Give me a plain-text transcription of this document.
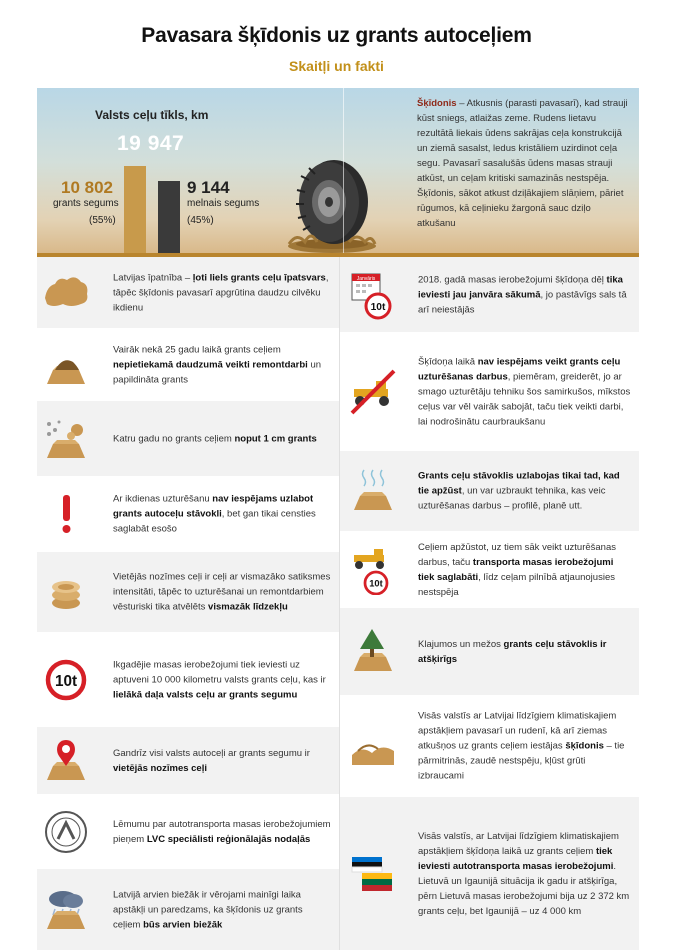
Pavasara šķīdonis uz grants autoceļiem
Skaitļi un fakti
Valsts ceļu tīkls, km
19 947
10 802
grants segums
(55%)
9 144
melnais segums
(45%)
Šķīdonis – Atkusnis (parasti pavasarī), kad strauji kūst sniegs, atlaižas zeme. Rudens lietavu rezultātā liekais ūdens sakrājas ceļa konstrukcijā un ziemā sasalst, ledus kristāliem uzirdinot ceļa segu. Pavasarī sasalušās ūdens masas strauji atkūst, un ceļam kritiski samazinās nestspēja. Šķīdonis, sākot atkust dziļākajiem slāņiem, pāriet rūgumos, kā ceļinieku žargonā sauc dziļo atkušanu
Latvijas īpatnība – ļoti liels grants ceļu īpatsvars, tāpēc šķīdonis pavasarī apgrūtina daudzu cilvēku ikdienu
Vairāk nekā 25 gadu laikā grants ceļiem nepietiekamā daudzumā veikti remontdarbi un papildināta grants
Katru gadu no grants ceļiem noput 1 cm grants
Ar ikdienas uzturēšanu nav iespējams uzlabot grants autoceļu stāvokli, bet gan tikai censties saglabāt esošo
Vietējās nozīmes ceļi ir ceļi ar vismazāko satiksmes intensitāti, tāpēc to uzturēšanai un remontdarbiem vēsturiski tika atvēlēts vismazāk līdzekļu
10t
Ikgadējie masas ierobežojumi tiek ieviesti uz aptuveni 10 000 kilometru valsts grants ceļu, kas ir lielākā daļa valsts ceļu ar grants segumu
Gandrīz visi valsts autoceļi ar grants segumu ir vietējās nozīmes ceļi
Lēmumu par autotransporta masas ierobežojumiem pieņem LVC speciālisti reģionālajās nodaļās
Latvijā arvien biežāk ir vērojami mainīgi laika apstākļi un paredzams, ka šķīdonis uz grants ceļiem būs arvien biežāk
Janvāris
10t
2018. gadā masas ierobežojumi šķīdoņa dēļ tika ieviesti jau janvāra sākumā, jo pastāvīgs sals tā arī neiestājās
Šķīdoņa laikā nav iespējams veikt grants ceļu uzturēšanas darbus, piemēram, greiderēt, jo ar smago uzturētāju tehniku šos samirkušos, mīkstos ceļus var vēl vairāk sabojāt, taču tiek veikti darbi, lai nodrošinātu caurbraukšanu
Grants ceļu stāvoklis uzlabojas tikai tad, kad tie apžūst, un var uzbraukt tehnika, kas veic uzturēšanas darbus – profilē, planē utt.
10t
Ceļiem apžūstot, uz tiem sāk veikt uzturēšanas darbus, taču transporta masas ierobežojumi tiek saglabāti, līdz ceļam pilnībā atjaunojusies nestspēja
Klajumos un mežos grants ceļu stāvoklis ir atšķirīgs
Visās valstīs ar Latvijai līdzīgiem klimatiskajiem apstākļiem pavasarī un rudenī, kā arī ziemas atkušņos uz grants ceļiem iestājas šķīdonis – tie pārmitrinās, zaudē nestspēju, kļūst grūti izbraucami
Visās valstīs, ar Latvijai līdzīgiem klimatiskajiem apstākļiem šķīdoņa laikā uz grants ceļiem tiek ieviesti autotransporta masas ierobežojumi. Lietuvā un Igaunijā situācija ik gadu ir atšķirīga, pērn Lietuvā masas ierobežojumi bija uz 2 372 km grants ceļu, bet Igaunijā – uz 4 000 km
